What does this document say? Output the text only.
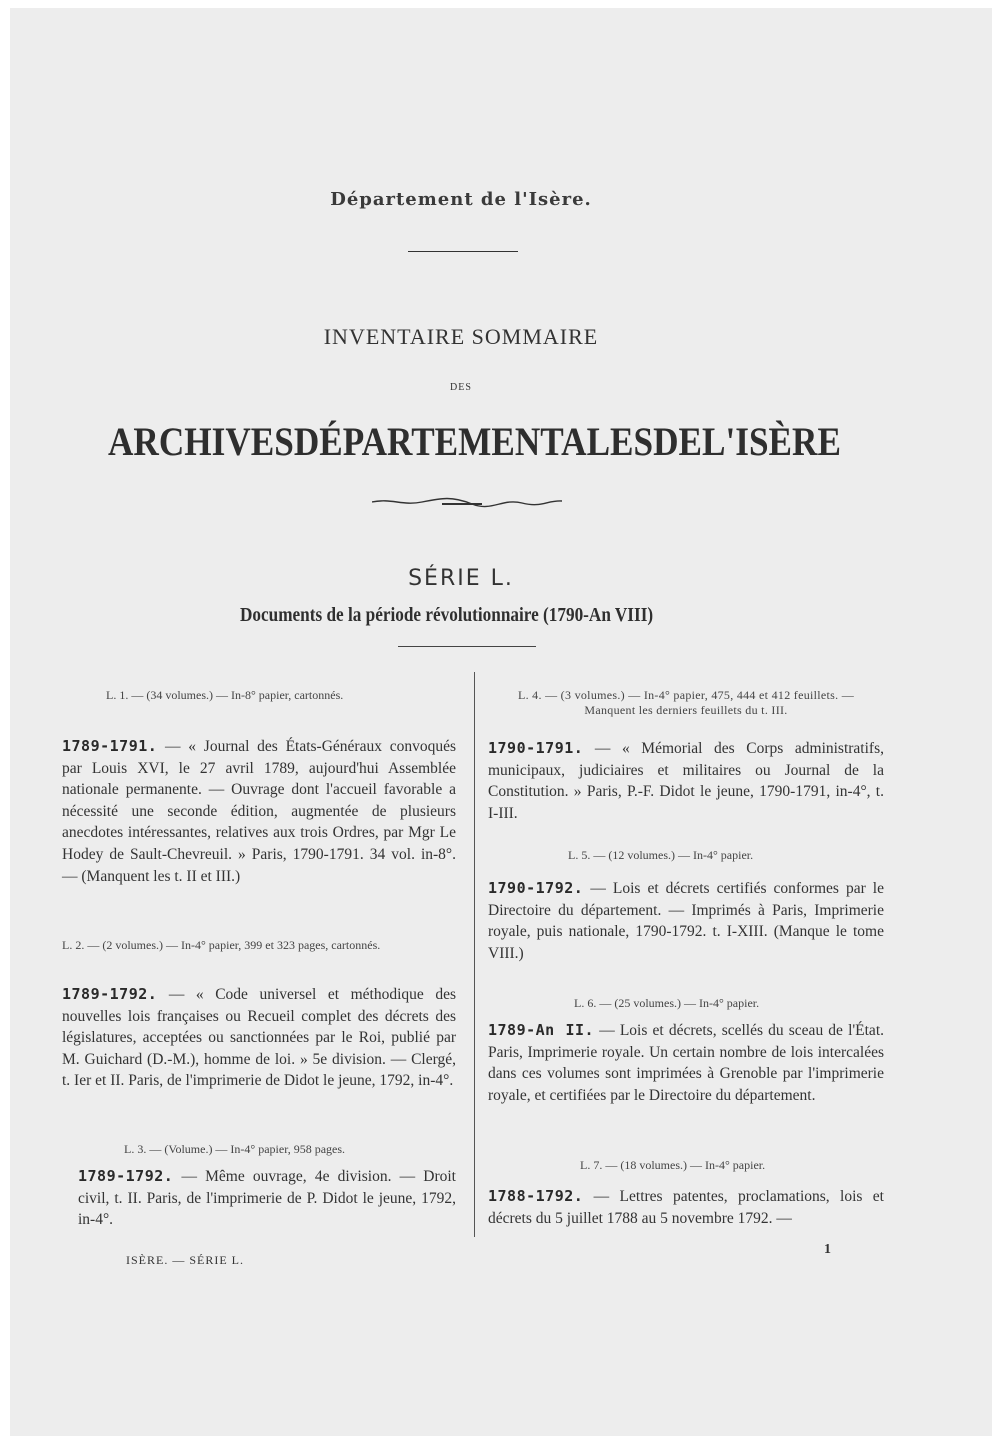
Département de l'Isère.
INVENTAIRE SOMMAIRE
DES
ARCHIVES DÉPARTEMENTALES DE L'ISÈRE
SÉRIE L.
Documents de la période révolutionnaire (1790-An VIII)
L. 1. — (34 volumes.) — In-8° papier, cartonnés.
1789-1791. — « Journal des États-Généraux convoqués par Louis XVI, le 27 avril 1789, aujourd'hui Assemblée nationale permanente. — Ouvrage dont l'accueil favorable a nécessité une seconde édition, augmentée de plusieurs anecdotes intéressantes, relatives aux trois Ordres, par Mgr Le Hodey de Sault-Chevreuil. » Paris, 1790-1791. 34 vol. in-8°. — (Manquent les t. II et III.)
L. 2. — (2 volumes.) — In-4° papier, 399 et 323 pages, cartonnés.
1789-1792. — « Code universel et méthodique des nouvelles lois françaises ou Recueil complet des décrets des législatures, acceptées ou sanctionnées par le Roi, publié par M. Guichard (D.-M.), homme de loi. » 5e division. — Clergé, t. Ier et II. Paris, de l'imprimerie de Didot le jeune, 1792, in-4°.
L. 3. — (Volume.) — In-4° papier, 958 pages.
1789-1792. — Même ouvrage, 4e division. — Droit civil, t. II. Paris, de l'imprimerie de P. Didot le jeune, 1792, in-4°.
L. 4. — (3 volumes.) — In-4° papier, 475, 444 et 412 feuillets. — Manquent les derniers feuillets du t. III.
1790-1791. — « Mémorial des Corps administratifs, municipaux, judiciaires et militaires ou Journal de la Constitution. » Paris, P.-F. Didot le jeune, 1790-1791, in-4°, t. I-III.
L. 5. — (12 volumes.) — In-4° papier.
1790-1792. — Lois et décrets certifiés conformes par le Directoire du département. — Imprimés à Paris, Imprimerie royale, puis nationale, 1790-1792. t. I-XIII. (Manque le tome VIII.)
L. 6. — (25 volumes.) — In-4° papier.
1789-An II. — Lois et décrets, scellés du sceau de l'État. Paris, Imprimerie royale. Un certain nombre de lois intercalées dans ces volumes sont imprimées à Grenoble par l'imprimerie royale, et certifiées par le Directoire du département.
L. 7. — (18 volumes.) — In-4° papier.
1788-1792. — Lettres patentes, proclamations, lois et décrets du 5 juillet 1788 au 5 novembre 1792. —
ISÈRE. — SÉRIE L.
1
